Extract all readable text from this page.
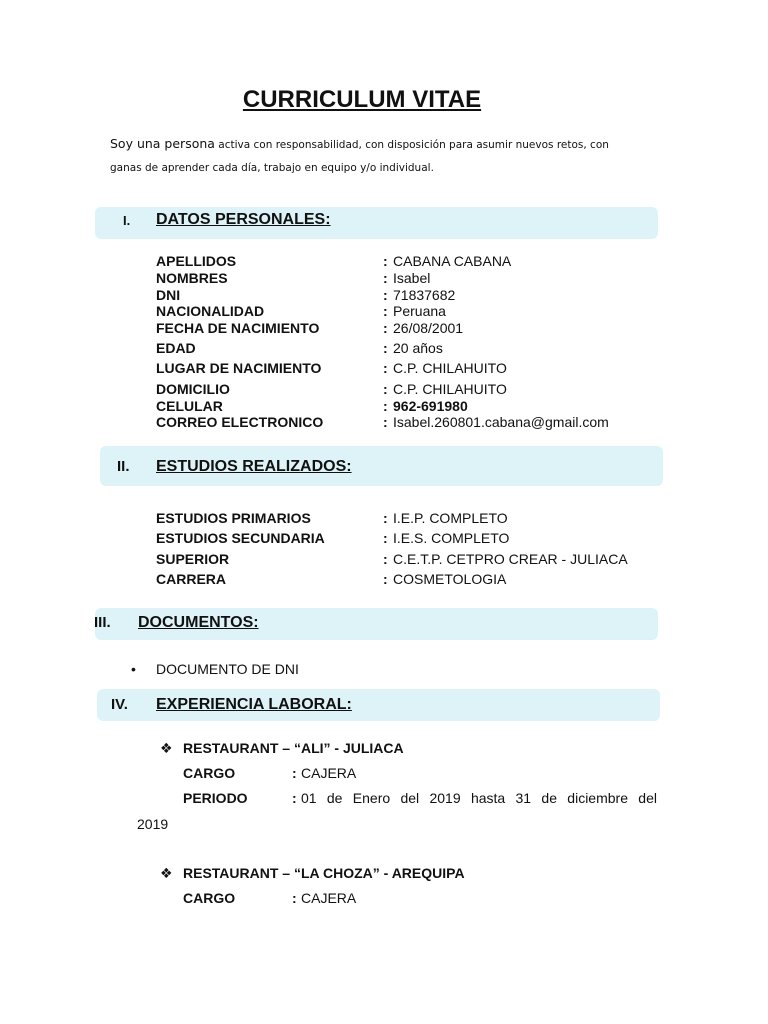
CURRICULUM VITAE
Soy una persona activa con responsabilidad, con disposición para asumir nuevos retos, con
ganas de aprender cada día, trabajo en equipo y/o individual.
I. DATOS PERSONALES:
APELLIDOS	: CABANA CABANA
NOMBRES	: Isabel
DNI	: 71837682
NACIONALIDAD	: Peruana
FECHA DE NACIMIENTO	: 26/08/2001
EDAD	: 20 años
LUGAR DE NACIMIENTO	: C.P. CHILAHUITO
DOMICILIO	: C.P. CHILAHUITO
CELULAR	: 962-691980
CORREO ELECTRONICO	: Isabel.260801.cabana@gmail.com
II. ESTUDIOS REALIZADOS:
ESTUDIOS PRIMARIOS	: I.E.P. COMPLETO
ESTUDIOS SECUNDARIA	: I.E.S. COMPLETO
SUPERIOR	: C.E.T.P. CETPRO CREAR - JULIACA
CARRERA	: COSMETOLOGIA
III. DOCUMENTOS:
• DOCUMENTO DE DNI
IV. EXPERIENCIA LABORAL:
❖ RESTAURANT – “ALI” - JULIACA
CARGO	: CAJERA
PERIODO	: 01 de Enero del 2019 hasta 31 de diciembre del
2019
❖ RESTAURANT – “LA CHOZA” - AREQUIPA
CARGO	: CAJERA
